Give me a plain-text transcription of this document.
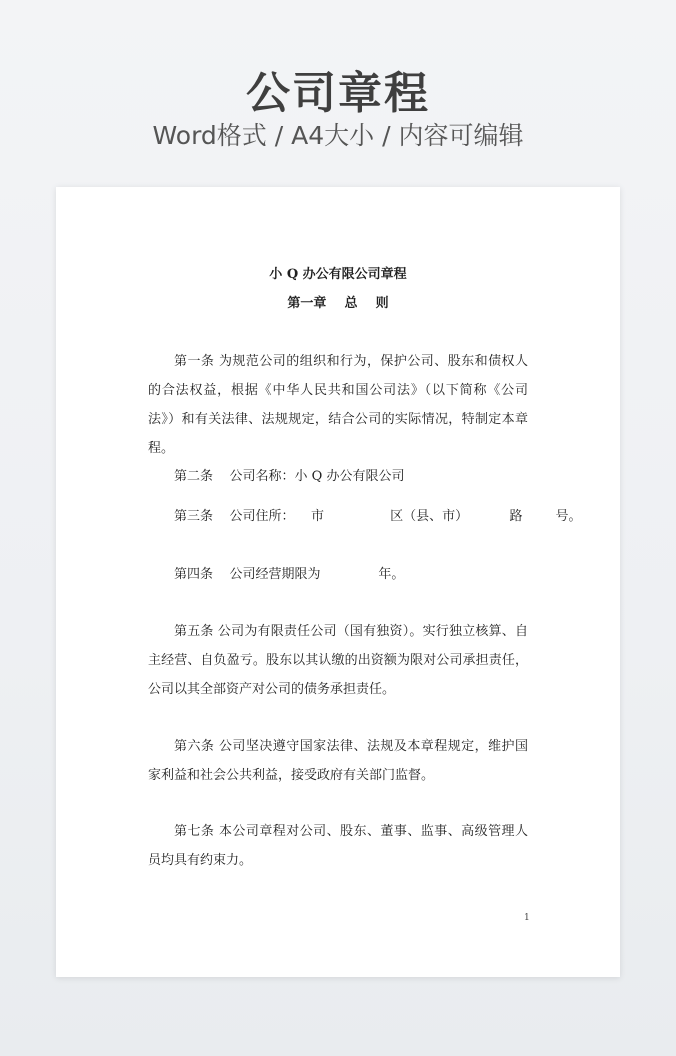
公司章程
Word格式 / A4大小 / 内容可编辑
小 Q 办公有限公司章程
第一章    总    则
第一条 为规范公司的组织和行为，保护公司、股东和债权人的合法权益，根据《中华人民共和国公司法》（以下简称《公司法》）和有关法律、法规规定，结合公司的实际情况，特制定本章程。
第二条    公司名称：小 Q 办公有限公司
第三条    公司住所：    市                区（县、市）          路        号。
第四条    公司经营期限为              年。
第五条 公司为有限责任公司（国有独资）。实行独立核算、自主经营、自负盈亏。股东以其认缴的出资额为限对公司承担责任，公司以其全部资产对公司的债务承担责任。
第六条 公司坚决遵守国家法律、法规及本章程规定，维护国家利益和社会公共利益，接受政府有关部门监督。
第七条 本公司章程对公司、股东、董事、监事、高级管理人员均具有约束力。
1
